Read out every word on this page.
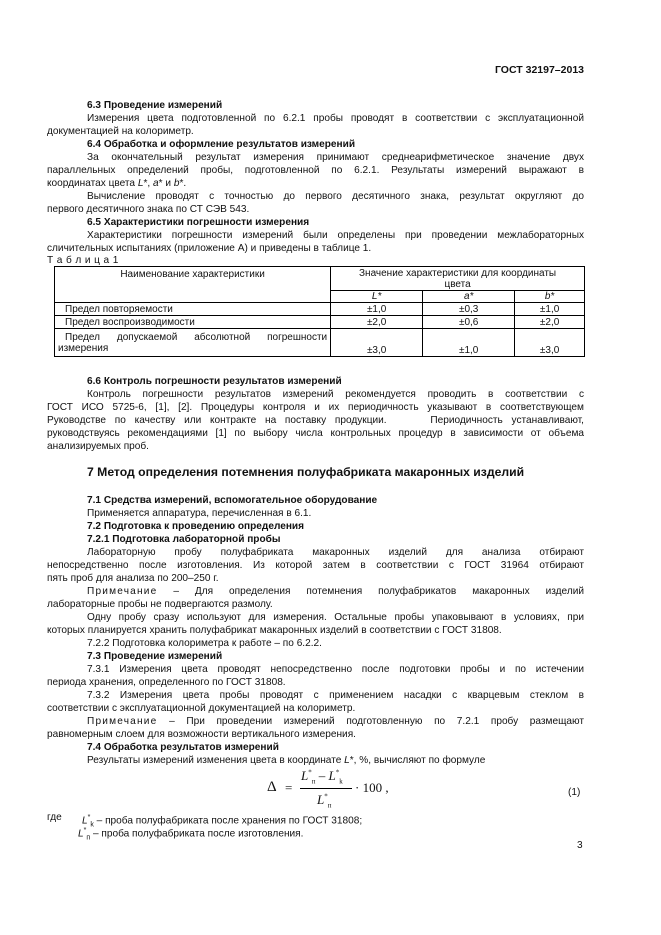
ГОСТ 32197–2013
6.3 Проведение измерений
Измерения цвета подготовленной по 6.2.1 пробы проводят в соответствии с эксплуатационной
документацией на колориметр.
6.4 Обработка и оформление результатов измерений
За окончательный результат измерения принимают среднеарифметическое значение двух
параллельных определений пробы, подготовленной по 6.2.1. Результаты измерений выражают в
координатах цвета L*, a* и b*.
Вычисление проводят с точностью до первого десятичного знака, результат округляют до
первого десятичного знака по СТ СЭВ 543.
6.5 Характеристики погрешности измерения
Характеристики погрешности измерений были определены при проведении межлабораторных
сличительных испытаниях (приложение А) и приведены в таблице 1.
Т а б л и ц а 1
Наименование характеристики	Значение характеристики для координаты
цвета		

	L*	a*	b*
Предел повторяемости	±1,0	±0,3	±1,0
Предел воспроизводимости	±2,0	±0,6	±2,0

Предел допускаемой абсолютной погрешности
измерения	±3,0	±1,0	±3,0
6.6 Контроль погрешности результатов измерений
Контроль погрешности результатов измерений рекомендуется проводить в соответствии с
ГОСТ ИСО 5725-6, [1], [2]. Процедуры контроля и их периодичность указывают в соответствующем
Руководстве по качеству или контракте на поставку продукции.     Периодичность устанавливают,
руководствуясь рекомендациями [1] по выбору числа контрольных процедур в зависимости от объема
анализируемых проб.
7 Метод определения потемнения полуфабриката макаронных изделий
7.1 Средства измерений, вспомогательное оборудование
Применяется аппаратура, перечисленная в 6.1.
7.2 Подготовка к проведению определения
7.2.1 Подготовка лабораторной пробы
Лабораторную пробу полуфабриката макаронных изделий для анализа отбирают
непосредственно после изготовления. Из которой затем в соответствии с ГОСТ 31964 отбирают
пять проб для анализа по 200–250 г.
Примечание – Для определения потемнения полуфабрикатов макаронных изделий
лабораторные пробы не подвергаются размолу.
Одну пробу сразу используют для измерения. Остальные пробы упаковывают в условиях, при
которых планируется хранить полуфабрикат макаронных изделий в соответствии с ГОСТ 31808.
7.2.2 Подготовка колориметра к работе – по 6.2.2.
7.3 Проведение измерений
7.3.1 Измерения цвета проводят непосредственно после подготовки пробы и по истечении
периода хранения, определенного по ГОСТ 31808.
7.3.2 Измерения цвета пробы проводят с применением насадки с кварцевым стеклом в
соответствии с эксплуатационной документацией на колориметр.
Примечание – При проведении измерений подготовленную по 7.2.1 пробу размещают
равномерным слоем для возможности вертикального измерения.
7.4 Обработка результатов измерений
Результаты измерений изменения цвета в координате L*, %, вычисляют по формуле
Δ =
$L^*_п - L^*_k$
$L^*_п$
· 100 ,	(1)
где $L^*_k$ – проба полуфабриката после хранения по ГОСТ 31808;
$L^*_п$ – проба полуфабриката после изготовления.
3
